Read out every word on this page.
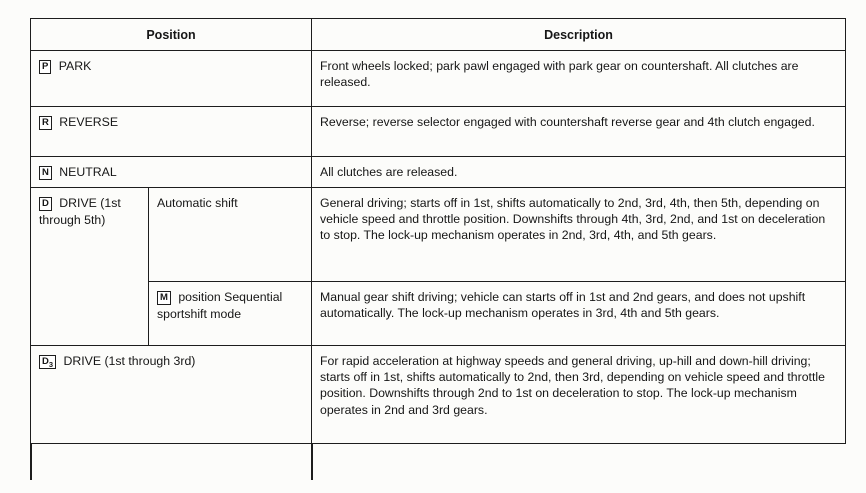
Position		Description
P PARK		Front wheels locked; park pawl engaged with park gear on countershaft. All clutches are released.
R REVERSE		Reverse; reverse selector engaged with countershaft reverse gear and 4th clutch engaged.
N NEUTRAL		All clutches are released.
D DRIVE (1st through 5th)	Automatic shift	General driving; starts off in 1st, shifts automatically to 2nd, 3rd, 4th, then 5th, depending on vehicle speed and throttle position. Downshifts through 4th, 3rd, 2nd, and 1st on deceleration to stop. The lock-up mechanism operates in 2nd, 3rd, 4th, and 5th gears.
	M position Sequential sportshift mode	Manual gear shift driving; vehicle can starts off in 1st and 2nd gears, and does not upshift automatically. The lock-up mechanism operates in 3rd, 4th and 5th gears.
$D_3$ DRIVE (1st through 3rd)		For rapid acceleration at highway speeds and general driving, up-hill and down-hill driving; starts off in 1st, shifts automatically to 2nd, then 3rd, depending on vehicle speed and throttle position. Downshifts through 2nd to 1st on deceleration to stop. The lock-up mechanism operates in 2nd and 3rd gears.
